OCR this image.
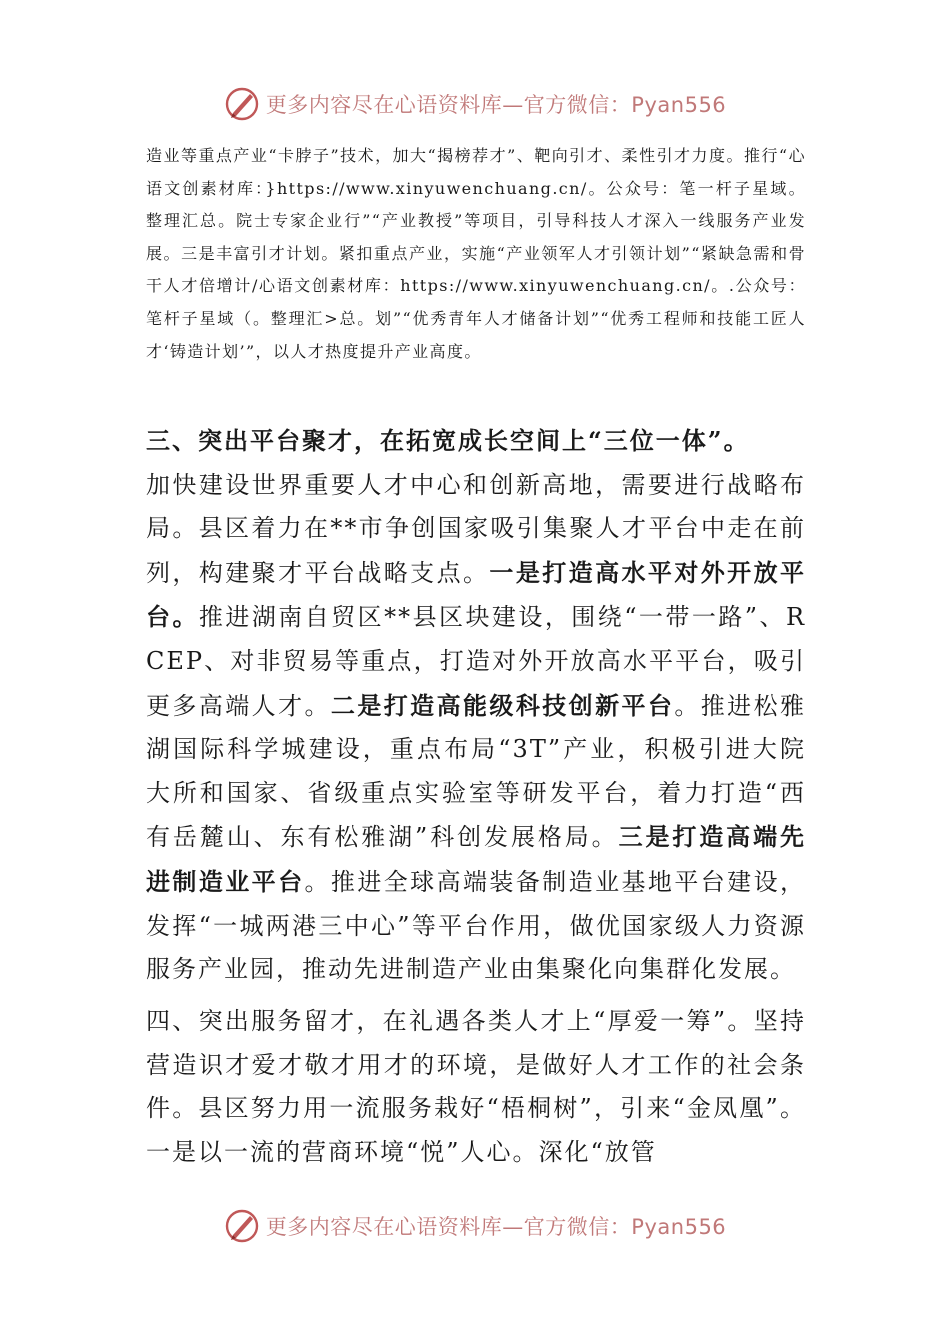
更多内容尽在心语资料库—官方微信：Pyan556

造业等重点产业“卡脖子”技术，加大“揭榜荐才”、靶向引才、柔性引才力度。推行“心语文创素材库：}https://www.xinyuwenchuang.cn/。公众号：笔一杆子星域。整理汇总。院士专家企业行”“产业教授”等项目，引导科技人才深入一线服务产业发展。三是丰富引才计划。紧扣重点产业，实施“产业领军人才引领计划”“紧缺急需和骨干人才倍增计/心语文创素材库：https://www.xinyuwenchuang.cn/。.公众号：笔杆子星域（。整理汇>总。划”“优秀青年人才储备计划”“优秀工程师和技能工匠人才‘铸造计划’”，以人才热度提升产业高度。

三、突出平台聚才，在拓宽成长空间上“三位一体”。
加快建设世界重要人才中心和创新高地，需要进行战略布局。县区着力在**市争创国家吸引集聚人才平台中走在前列，构建聚才平台战略支点。一是打造高水平对外开放平台。推进湖南自贸区**县区块建设，围绕“一带一路”、RCEP、对非贸易等重点，打造对外开放高水平平台，吸引更多高端人才。二是打造高能级科技创新平台。推进松雅湖国际科学城建设，重点布局“3T”产业，积极引进大院大所和国家、省级重点实验室等研发平台，着力打造“西有岳麓山、东有松雅湖”科创发展格局。三是打造高端先进制造业平台。推进全球高端装备制造业基地平台建设，发挥“一城两港三中心”等平台作用，做优国家级人力资源服务产业园，推动先进制造产业由集聚化向集群化发展。

四、突出服务留才，在礼遇各类人才上“厚爱一筹”。坚持营造识才爱才敬才用才的环境，是做好人才工作的社会条件。县区努力用一流服务栽好“梧桐树”，引来“金凤凰”。一是以一流的营商环境“悦”人心。深化“放管

更多内容尽在心语资料库—官方微信：Pyan556
